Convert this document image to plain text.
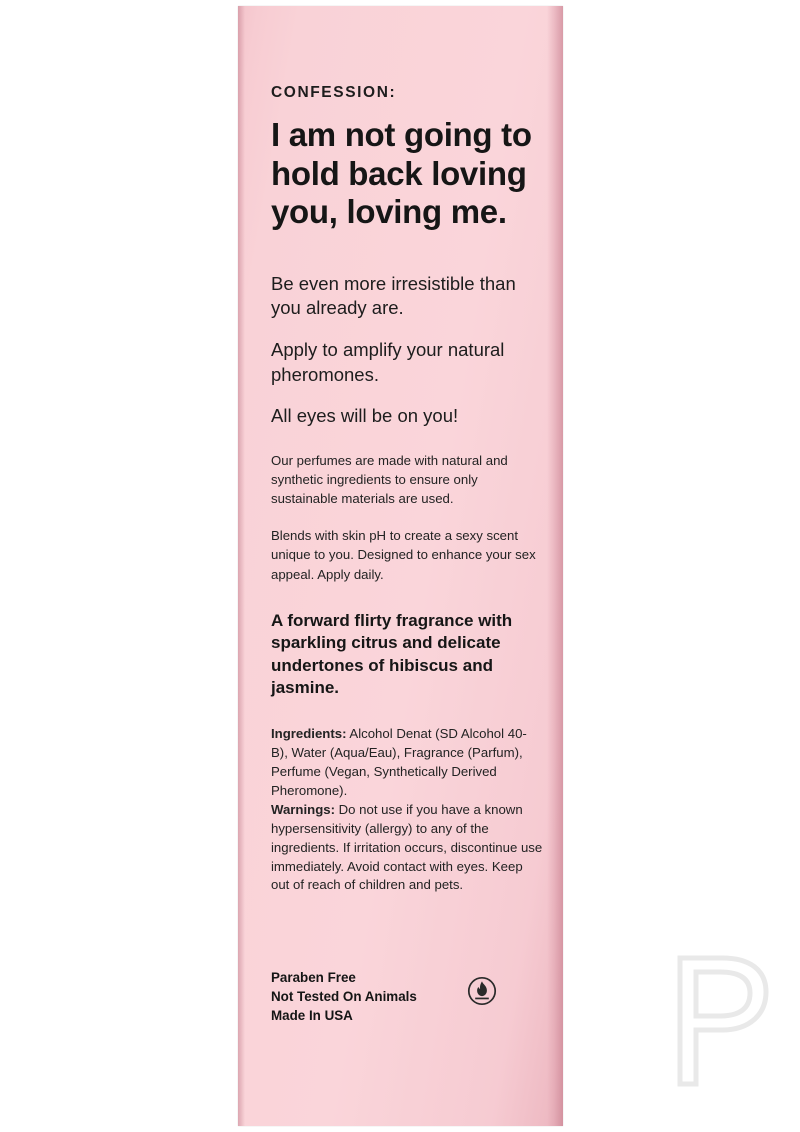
CONFESSION:
I am not going to hold back loving you, loving me.

Be even more irresistible than you already are.

Apply to amplify your natural pheromones.

All eyes will be on you!

Our perfumes are made with natural and synthetic ingredients to ensure only sustainable materials are used.

Blends with skin pH to create a sexy scent unique to you. Designed to enhance your sex appeal. Apply daily.

A forward flirty fragrance with sparkling citrus and delicate undertones of hibiscus and jasmine.

Ingredients: Alcohol Denat (SD Alcohol 40-B), Water (Aqua/Eau), Fragrance (Parfum), Perfume (Vegan, Synthetically Derived Pheromone).

Warnings: Do not use if you have a known hypersensitivity (allergy) to any of the ingredients. If irritation occurs, discontinue use immediately. Avoid contact with eyes. Keep out of reach of children and pets.

Paraben Free
Not Tested On Animals
Made In USA
